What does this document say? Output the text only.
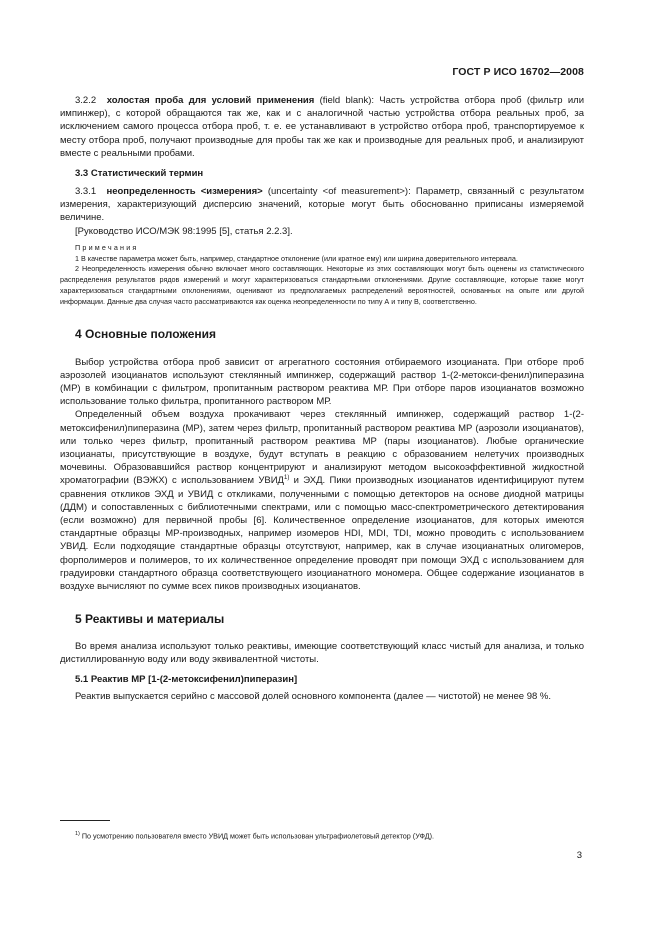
ГОСТ Р ИСО 16702—2008

3.2.2 холостая проба для условий применения (field blank): Часть устройства отбора проб (фильтр или импинжер), с которой обращаются так же, как и с аналогичной частью устройства отбора реальных проб, за исключением самого процесса отбора проб, т. е. ее устанавливают в устройство отбора проб, транспортируемое к месту отбора проб, получают производные для пробы так же как и производные для реальных проб, и анализируют вместе с реальными пробами.

3.3 Статистический термин

3.3.1 неопределенность <измерения> (uncertainty <of measurement>): Параметр, связанный с результатом измерения, характеризующий дисперсию значений, которые могут быть обоснованно приписаны измеряемой величине.

[Руководство ИСО/МЭК 98:1995 [5], статья 2.2.3].
Примечания

1 В качестве параметра может быть, например, стандартное отклонение (или кратное ему) или ширина доверительного интервала.

2 Неопределенность измерения обычно включает много составляющих. Некоторые из этих составляющих могут быть оценены из статистического распределения результатов рядов измерений и могут характеризоваться стандартными отклонениями. Другие составляющие, которые также могут характеризоваться стандартными отклонениями, оценивают из предполагаемых распределений вероятностей, основанных на опыте или другой информации. Данные два случая часто рассматриваются как оценка неопределенности по типу А и типу В, соответственно.

4 Основные положения

Выбор устройства отбора проб зависит от агрегатного состояния отбираемого изоцианата. При отборе проб аэрозолей изоцианатов используют стеклянный импинжер, содержащий раствор 1-(2-метокси-фенил)пиперазина (МР) в комбинации с фильтром, пропитанным раствором реактива МР. При отборе паров изоцианатов возможно использование только фильтра, пропитанного раствором МР.

Определенный объем воздуха прокачивают через стеклянный импинжер, содержащий раствор 1-(2-метоксифенил)пиперазина (МР), затем через фильтр, пропитанный раствором реактива МР (аэрозоли изоцианатов), или только через фильтр, пропитанный раствором реактива МР (пары изоцианатов). Любые органические изоцианаты, присутствующие в воздухе, будут вступать в реакцию с образованием нелетучих производных мочевины. Образовавшийся раствор концентрируют и анализируют методом высокоэффективной жидкостной хроматографии (ВЭЖХ) с использованием УВИД$^{1)}$ и ЭХД. Пики производных изоцианатов идентифицируют путем сравнения откликов ЭХД и УВИД с откликами, полученными с помощью детекторов на основе диодной матрицы (ДДМ) и сопоставленных с библиотечными спектрами, или с помощью масс-спектрометрического детектирования (если возможно) для первичной пробы [6]. Количественное определение изоцианатов, для которых имеются стандартные образцы МР-производных, например изомеров HDI, MDI, TDI, можно проводить с использованием УВИД. Если подходящие стандартные образцы отсутствуют, например, как в случае изоцианатных олигомеров, форполимеров и полимеров, то их количественное определение проводят при помощи ЭХД с использованием для градуировки стандартного образца соответствующего изоцианатного мономера. Общее содержание изоцианатов в воздухе вычисляют по сумме всех пиков производных изоцианатов.

5 Реактивы и материалы

Во время анализа используют только реактивы, имеющие соответствующий класс чистый для анализа, и только дистиллированную воду или воду эквивалентной чистоты.

5.1 Реактив МР [1-(2-метоксифенил)пиперазин]

Реактив выпускается серийно с массовой долей основного компонента (далее — чистотой) не менее 98 %.

$^{1)}$ По усмотрению пользователя вместо УВИД может быть использован ультрафиолетовый детектор (УФД).
3
